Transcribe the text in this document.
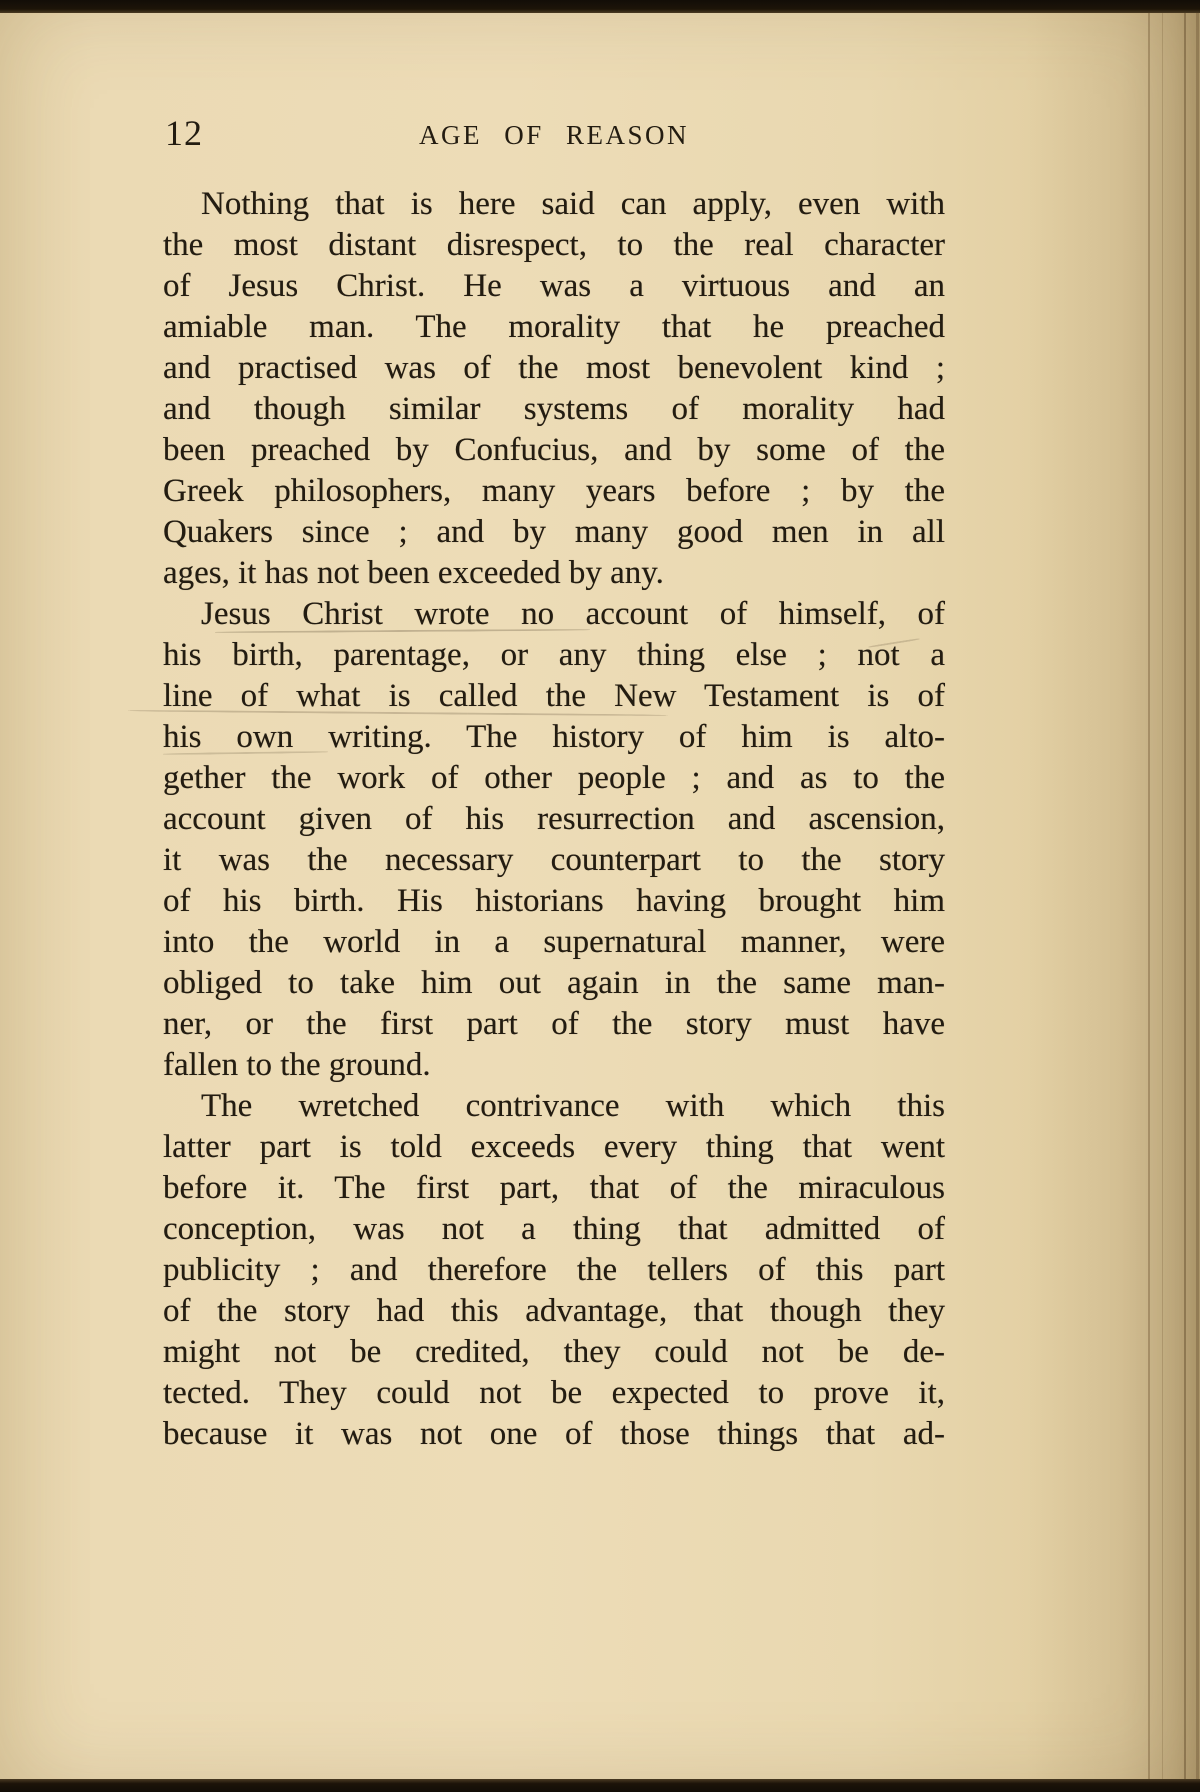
12	AGE OF REASON
Nothing that is here said can apply, even with
the most distant disrespect, to the real character
of Jesus Christ. He was a virtuous and an
amiable man. The morality that he preached
and practised was of the most benevolent kind ;
and though similar systems of morality had
been preached by Confucius, and by some of the
Greek philosophers, many years before ; by the
Quakers since ; and by many good men in all
ages, it has not been exceeded by any.
Jesus Christ wrote no account of himself, of
his birth, parentage, or any thing else ; not a
line of what is called the New Testament is of
his own writing. The history of him is alto-
gether the work of other people ; and as to the
account given of his resurrection and ascension,
it was the necessary counterpart to the story
of his birth. His historians having brought him
into the world in a supernatural manner, were
obliged to take him out again in the same man-
ner, or the first part of the story must have
fallen to the ground.
The wretched contrivance with which this
latter part is told exceeds every thing that went
before it. The first part, that of the miraculous
conception, was not a thing that admitted of
publicity ; and therefore the tellers of this part
of the story had this advantage, that though they
might not be credited, they could not be de-
tected. They could not be expected to prove it,
because it was not one of those things that ad-
